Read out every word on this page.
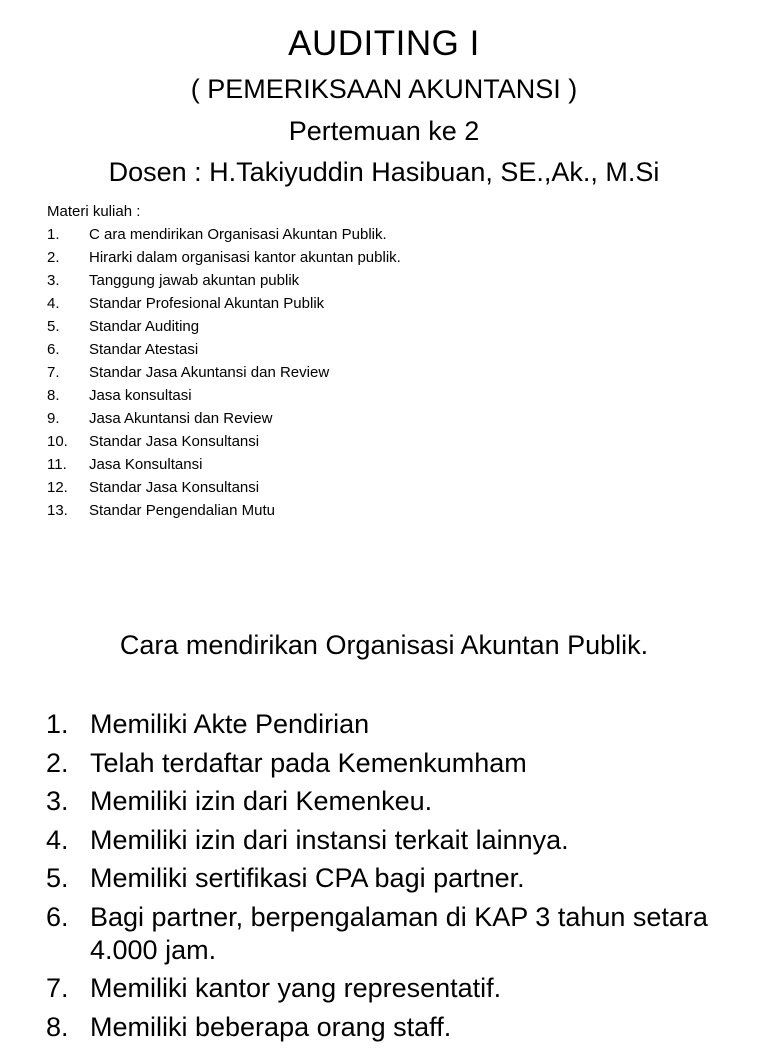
AUDITING I
( PEMERIKSAAN AKUNTANSI )
Pertemuan ke 2
Dosen : H.Takiyuddin Hasibuan, SE.,Ak., M.Si
Materi kuliah :
1.	C ara mendirikan Organisasi Akuntan Publik.
2.	Hirarki dalam organisasi kantor akuntan publik.
3.	Tanggung jawab akuntan publik
4.	Standar Profesional Akuntan Publik
5.	Standar Auditing
6.	Standar Atestasi
7.	Standar Jasa Akuntansi dan Review
8.	Jasa konsultasi
9.	Jasa Akuntansi dan Review
10.	Standar Jasa Konsultansi
11.	Jasa Konsultansi
12.	Standar Jasa Konsultansi
13.	Standar Pengendalian Mutu
Cara mendirikan Organisasi Akuntan Publik.
1. Memiliki Akte Pendirian
2. Telah terdaftar pada Kemenkumham
3. Memiliki izin dari Kemenkeu.
4. Memiliki izin dari instansi terkait lainnya.
5. Memiliki sertifikasi CPA bagi partner.
6. Bagi partner, berpengalaman di KAP 3 tahun setara 4.000 jam.
7. Memiliki kantor yang representatif.
8. Memiliki beberapa orang staff.
